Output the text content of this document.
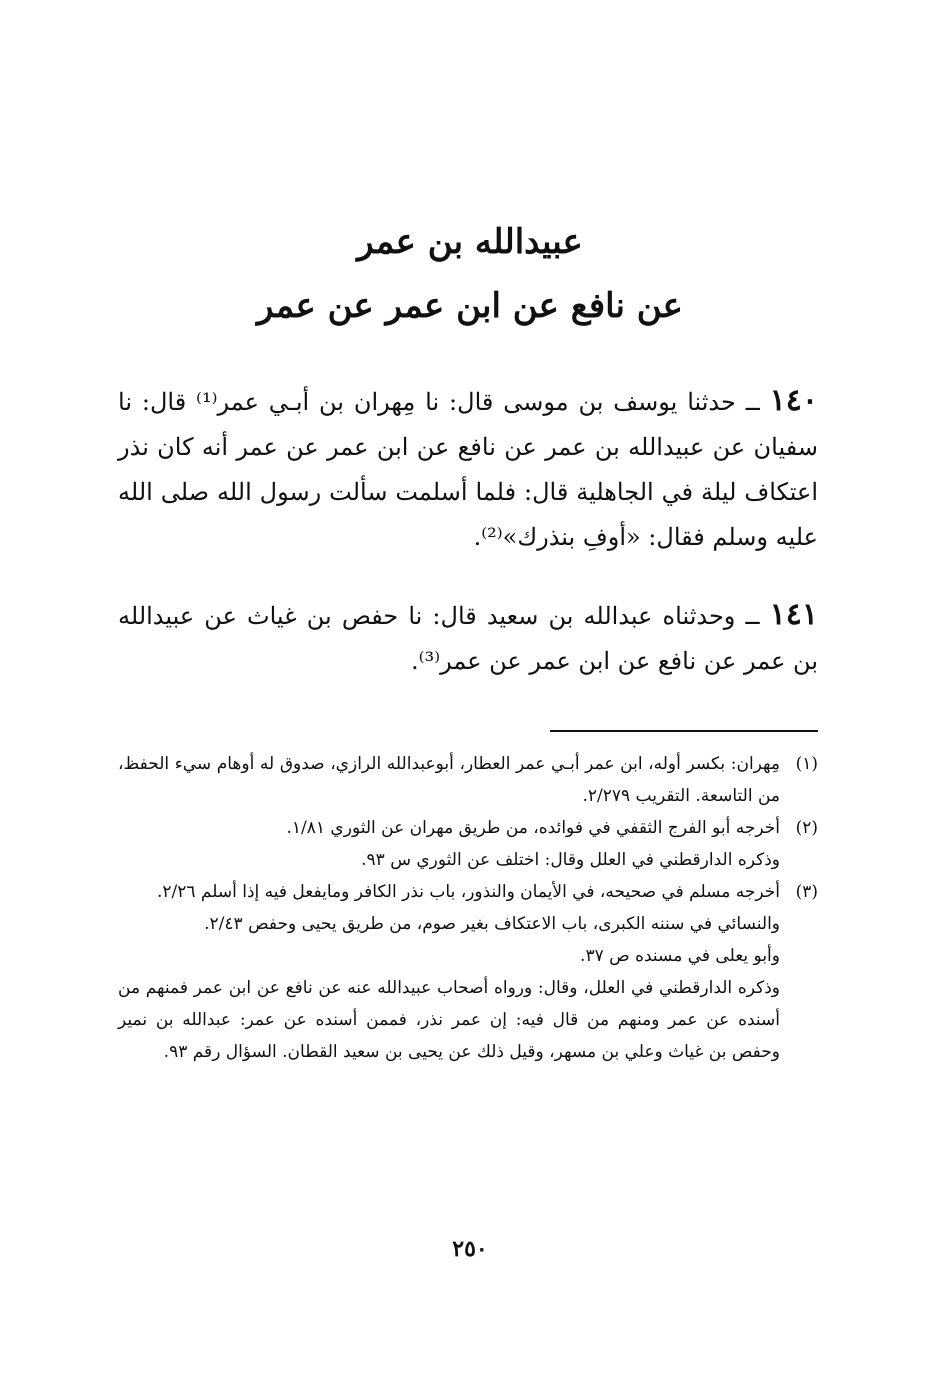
عبيدالله بن عمر
عن نافع عن ابن عمر عن عمر

١٤٠ ــ حدثنا يوسف بن موسى قال: نا مِهران بن أبـي عمر⁽¹⁾ قال: نا سفيان عن عبيدالله بن عمر عن نافع عن ابن عمر عن عمر أنه كان نذر اعتكاف ليلة في الجاهلية قال: فلما أسلمت سألت رسول الله صلى الله عليه وسلم فقال: «أوفِ بنذرك»⁽²⁾.

١٤١ ــ وحدثناه عبدالله بن سعيد قال: نا حفص بن غياث عن عبيدالله بن عمر عن نافع عن ابن عمر عن عمر⁽³⁾.

(١)
مِهران: بكسر أوله، ابن عمر أبـي عمر العطار، أبوعبدالله الرازي، صدوق له أوهام سيء الحفظ، من التاسعة. التقريب ٢/٢٧٩.
(٢)
أخرجه أبو الفرج الثقفي في فوائده، من طريق مهران عن الثوري ١/٨١.
وذكره الدارقطني في العلل وقال: اختلف عن الثوري س ٩٣.
(٣)
أخرجه مسلم في صحيحه، في الأيمان والنذور، باب نذر الكافر ومايفعل فيه إذا أسلم ٢/٢٦.
والنسائي في سننه الكبرى، باب الاعتكاف بغير صوم، من طريق يحيى وحفص ٢/٤٣.
وأبو يعلى في مسنده ص ٣٧.
وذكره الدارقطني في العلل، وقال: ورواه أصحاب عبيدالله عنه عن نافع عن ابن عمر فمنهم من أسنده عن عمر ومنهم من قال فيه: إن عمر نذر، فممن أسنده عن عمر: عبدالله بن نمير وحفص بن غياث وعلي بن مسهر، وقيل ذلك عن يحيى بن سعيد القطان. السؤال رقم ٩٣.
٢٥٠
